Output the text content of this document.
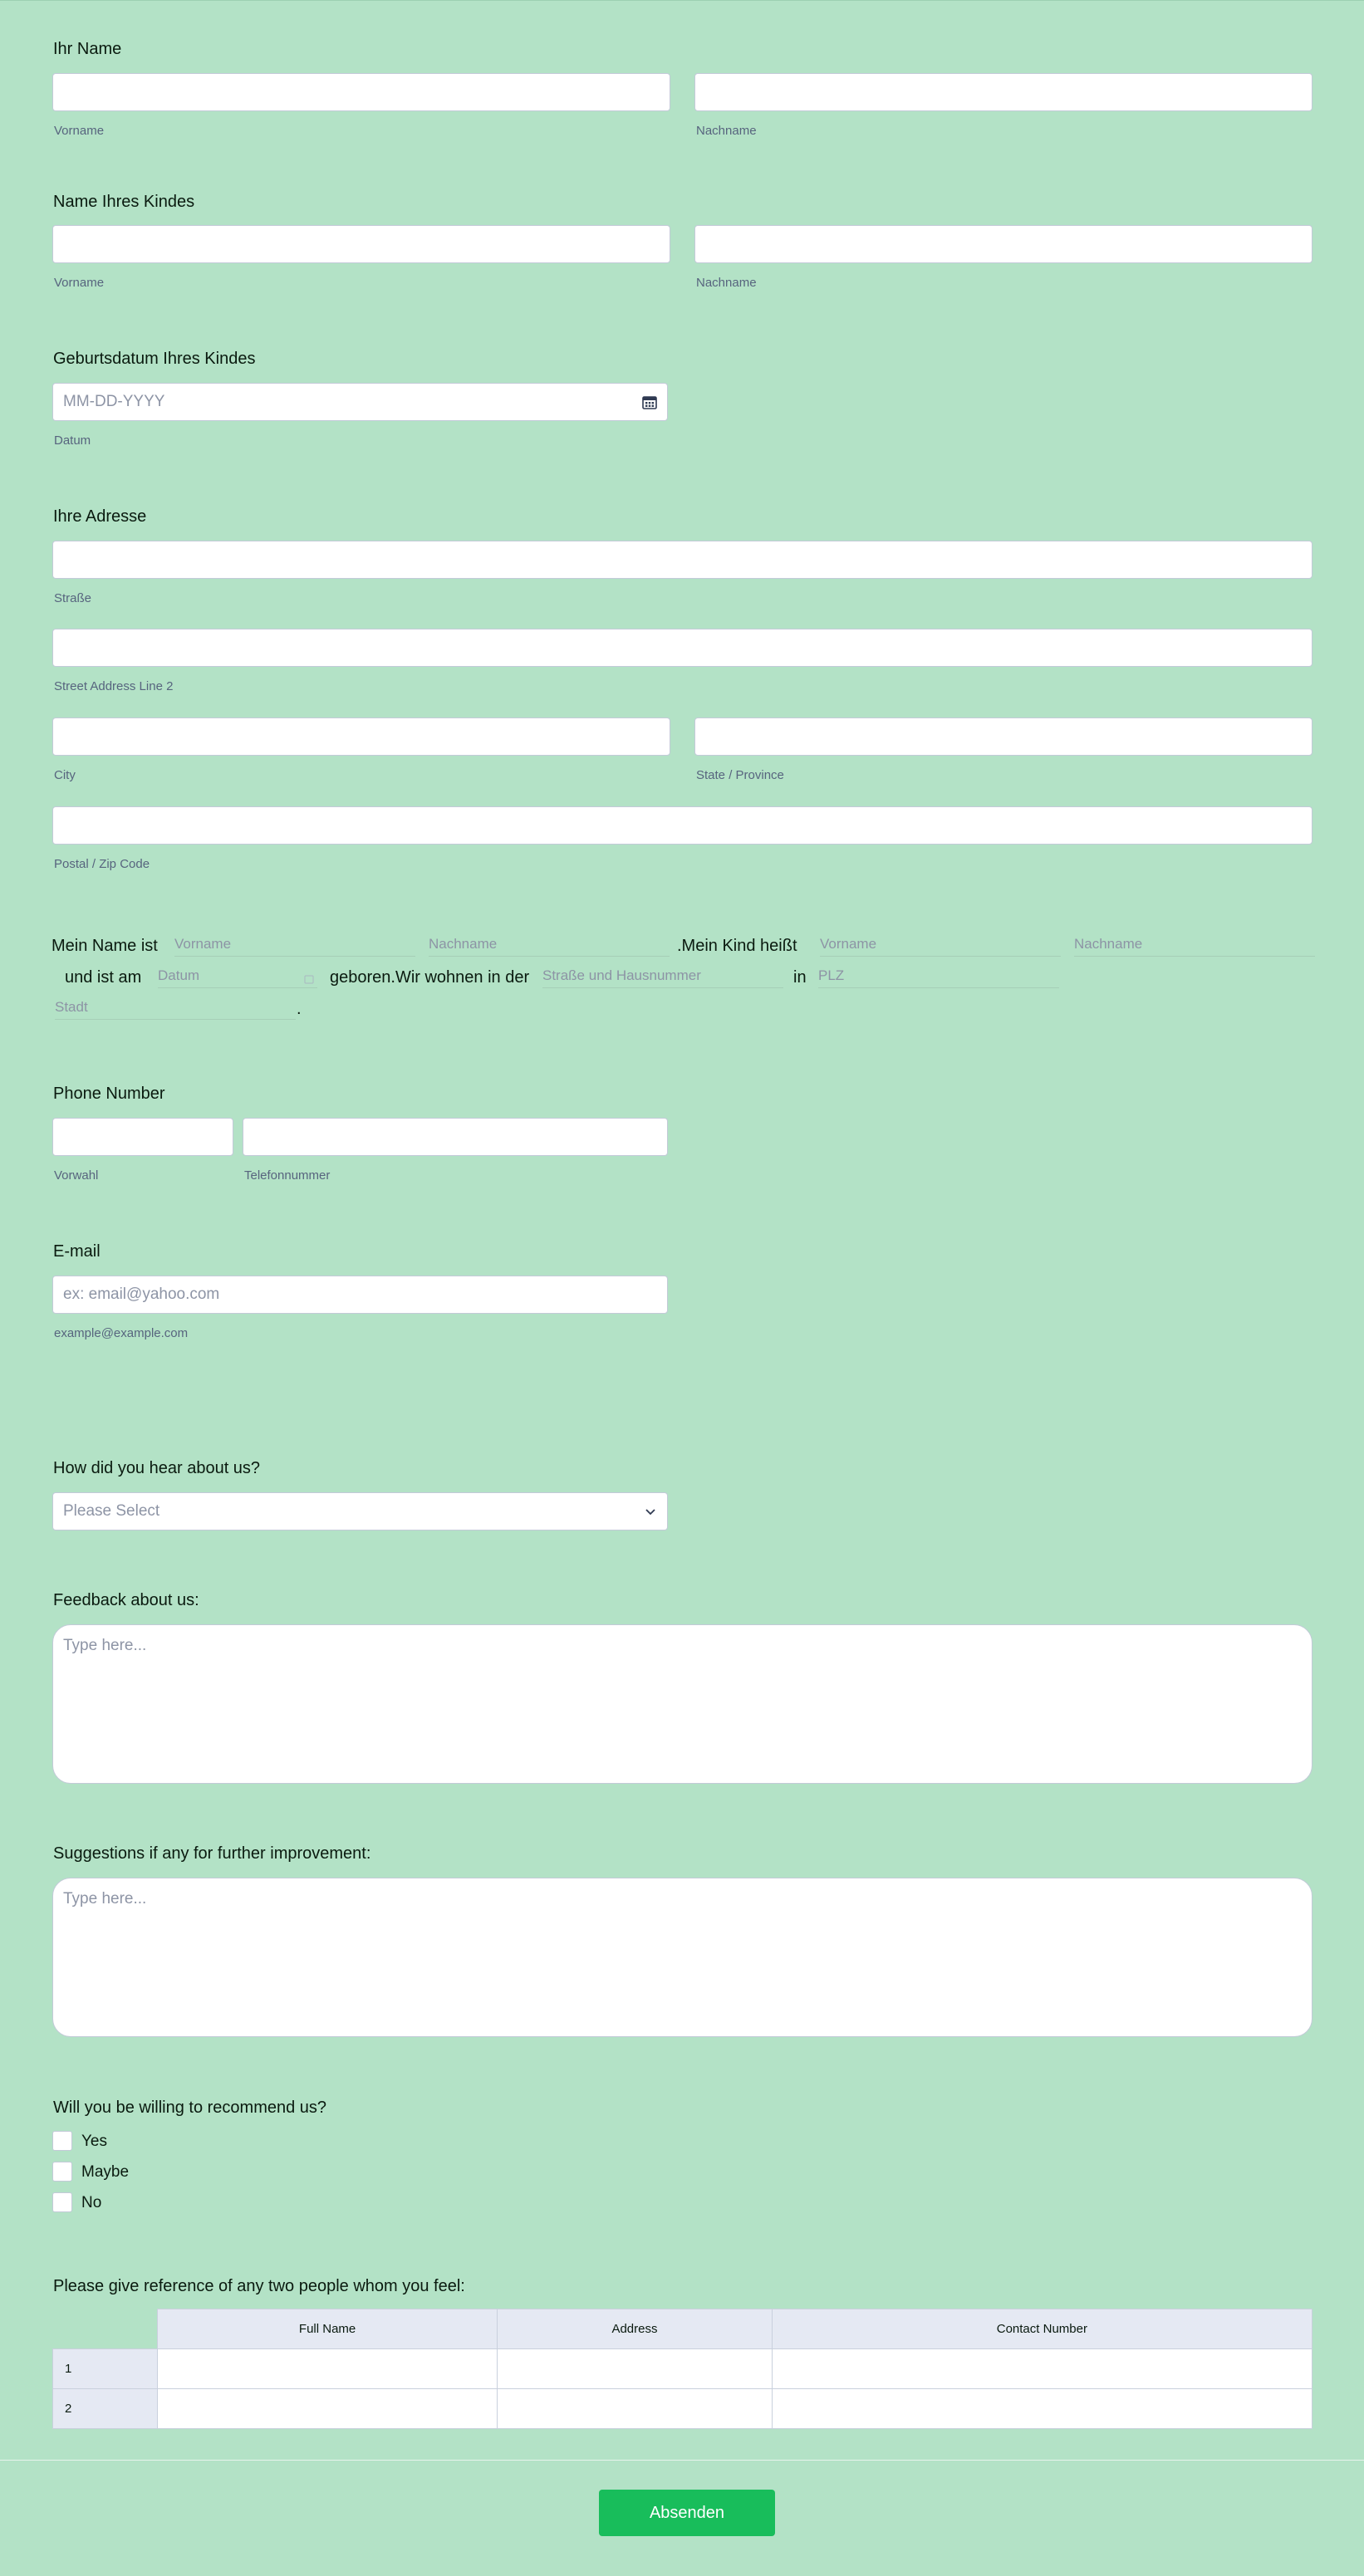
Ihr Name
Vorname	Nachname
Name Ihres Kindes
Vorname	Nachname
Geburtsdatum Ihres Kindes
MM-DD-YYYY
Datum
Ihre Adresse
Straße
Street Address Line 2
City	State / Province
Postal / Zip Code
Mein Name ist Vorname	Nachname	.Mein Kind heißt Vorname	Nachname
und ist am Datum	geboren.Wir wohnen in der Straße und Hausnummer	in PLZ
Stadt	.
Phone Number
Vorwahl	Telefonnummer
E-mail
ex: email@yahoo.com
example@example.com
How did you hear about us?
Please Select
Feedback about us:
Type here...
Suggestions if any for further improvement:
Type here...
Will you be willing to recommend us?
Yes
Maybe
No
Please give reference of any two people whom you feel:
	Full Name	Address	Contact Number
1			
2			
Absenden
